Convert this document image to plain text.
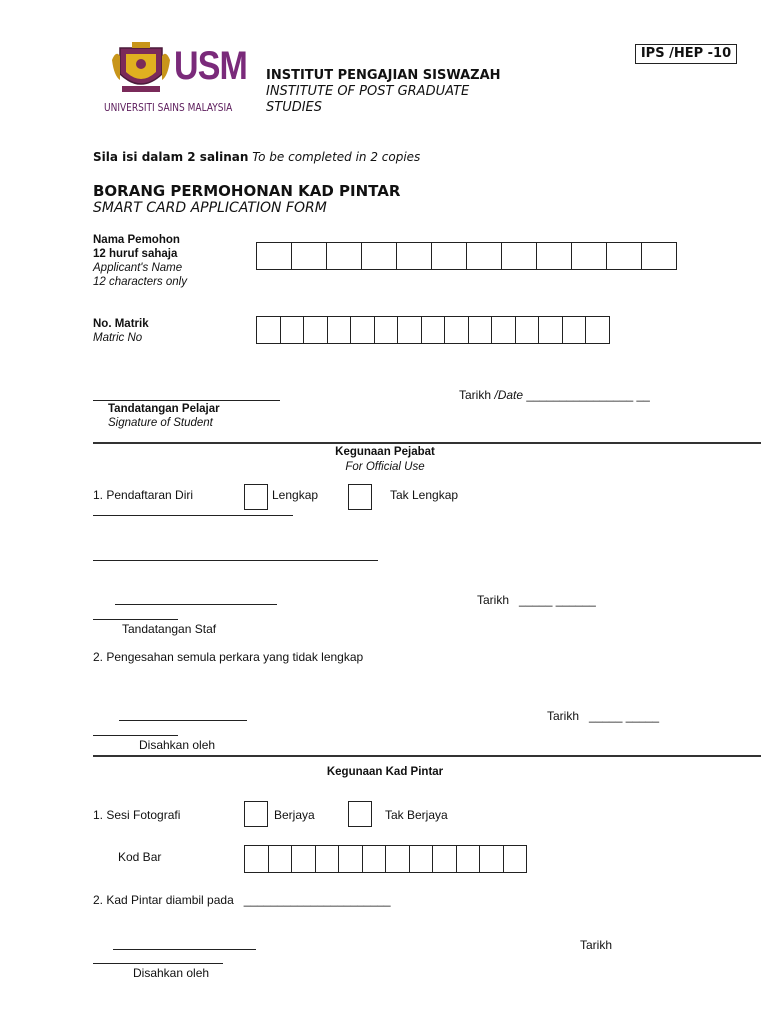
USM
UNIVERSITI SAINS MALAYSIA
IPS /HEP -10
INSTITUT PENGAJIAN SISWAZAH
INSTITUTE OF POST GRADUATE
STUDIES
Sila isi dalam 2 salinan To be completed in 2 copies
BORANG PERMOHONAN KAD PINTAR
SMART CARD APPLICATION FORM
Nama Pemohon
12 huruf sahaja
Applicant's Name
12 characters only
No. Matrik
Matric No
Tandatangan Pelajar
Signature of Student
Tarikh /Date ________________ __
Kegunaan Pejabat
For Official Use
1. Pendaftaran Diri	Lengkap	Tak Lengkap
Tarikh _____ ______
Tandatangan Staf
2. Pengesahan semula perkara yang tidak lengkap
Tarikh _____ _____
Disahkan oleh
Kegunaan Kad Pintar
1. Sesi Fotografi	Berjaya	Tak Berjaya
Kod Bar
2. Kad Pintar diambil pada ______________________
Tarikh
Disahkan oleh
